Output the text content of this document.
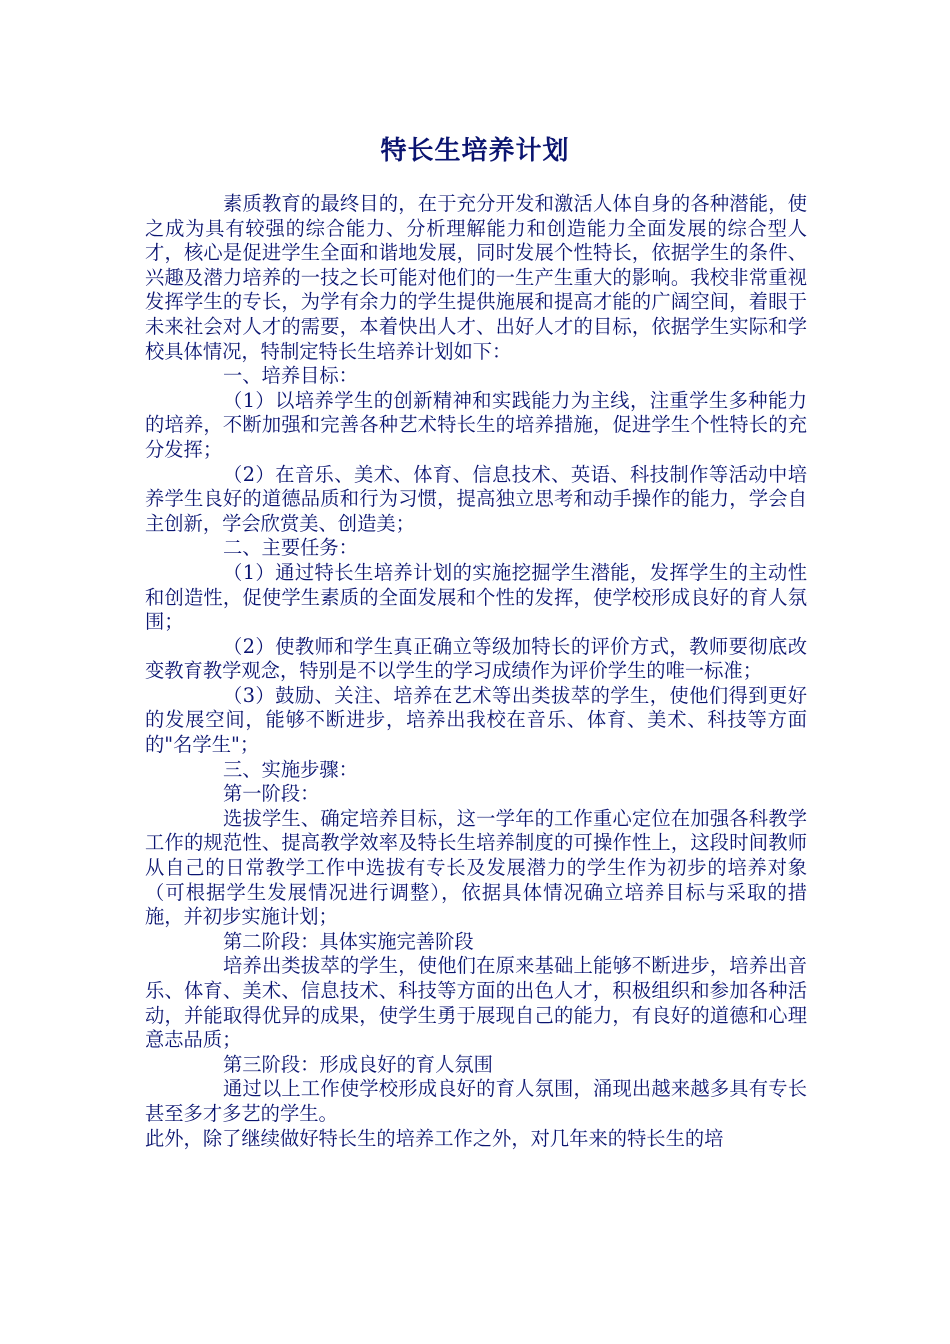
特长生培养计划

素质教育的最终目的，在于充分开发和激活人体自身的各种潜能，使之成为具有较强的综合能力、分析理解能力和创造能力全面发展的综合型人才，核心是促进学生全面和谐地发展，同时发展个性特长，依据学生的条件、兴趣及潜力培养的一技之长可能对他们的一生产生重大的影响。我校非常重视发挥学生的专长，为学有余力的学生提供施展和提高才能的广阔空间，着眼于未来社会对人才的需要，本着快出人才、出好人才的目标，依据学生实际和学校具体情况，特制定特长生培养计划如下：

一、培养目标：

（1）以培养学生的创新精神和实践能力为主线，注重学生多种能力的培养，不断加强和完善各种艺术特长生的培养措施，促进学生个性特长的充分发挥；

（2）在音乐、美术、体育、信息技术、英语、科技制作等活动中培养学生良好的道德品质和行为习惯，提高独立思考和动手操作的能力，学会自主创新，学会欣赏美、创造美；

二、主要任务：

（1）通过特长生培养计划的实施挖掘学生潜能，发挥学生的主动性和创造性，促使学生素质的全面发展和个性的发挥，使学校形成良好的育人氛围；

（2）使教师和学生真正确立等级加特长的评价方式，教师要彻底改变教育教学观念，特别是不以学生的学习成绩作为评价学生的唯一标准；

（3）鼓励、关注、培养在艺术等出类拔萃的学生，使他们得到更好的发展空间，能够不断进步，培养出我校在音乐、体育、美术、科技等方面的"名学生"；

三、实施步骤：

第一阶段：

选拔学生、确定培养目标，这一学年的工作重心定位在加强各科教学工作的规范性、提高教学效率及特长生培养制度的可操作性上，这段时间教师从自己的日常教学工作中选拔有专长及发展潜力的学生作为初步的培养对象（可根据学生发展情况进行调整），依据具体情况确立培养目标与采取的措施，并初步实施计划；

第二阶段：具体实施完善阶段

培养出类拔萃的学生，使他们在原来基础上能够不断进步，培养出音乐、体育、美术、信息技术、科技等方面的出色人才，积极组织和参加各种活动，并能取得优异的成果，使学生勇于展现自己的能力，有良好的道德和心理意志品质；

第三阶段：形成良好的育人氛围

通过以上工作使学校形成良好的育人氛围，涌现出越来越多具有专长甚至多才多艺的学生。

此外，除了继续做好特长生的培养工作之外，对几年来的特长生的培
